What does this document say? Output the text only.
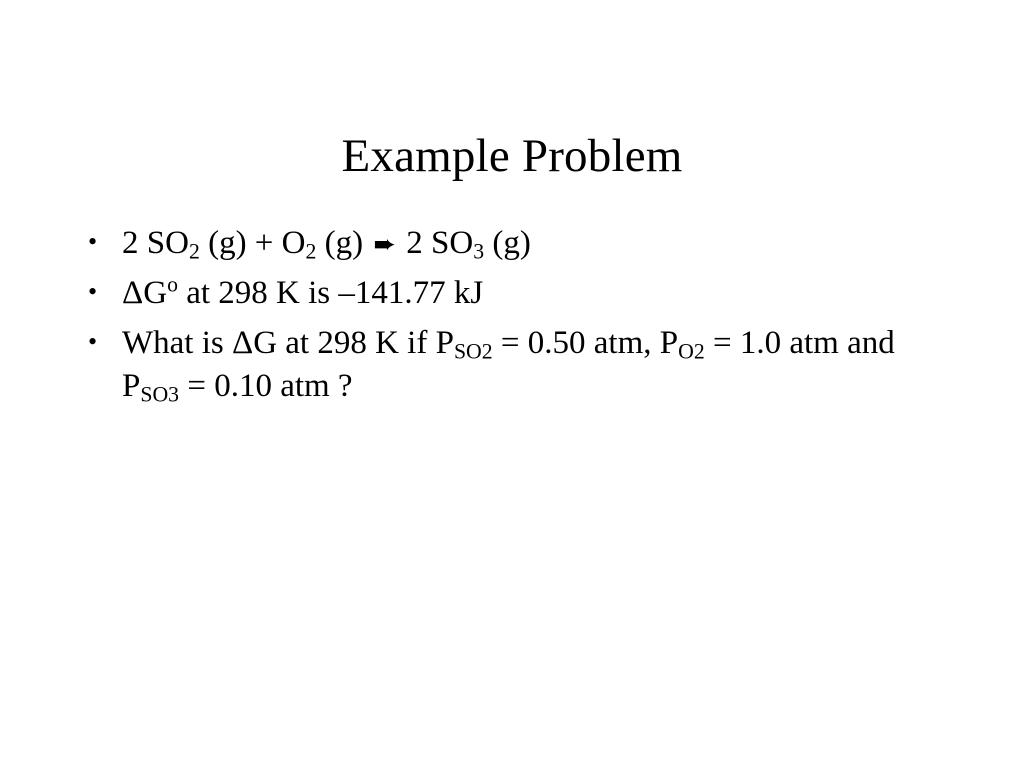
Example Problem
• 2 $SO_2$ $(g) + O_2$ (g) ➨ 2 $SO_3$ (g)
• $\Delta G^o$ at 298 K is –141.77 kJ
• What is ΔG at 298 K if $P_{SO2} = 0.50$ atm, $P_{O2} = 1.0$ atm and $P_{SO3} = 0.10$ atm ?
